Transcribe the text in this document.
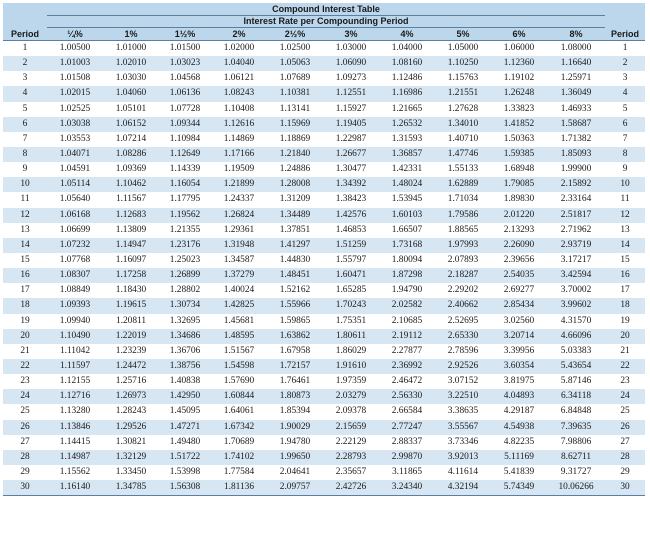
Period	Compound Interest Table										Period
	Interest Rate per Compounding Period										
	¼%	1%	1½%	2%	2½%	3%	4%	5%	6%	8%	
1	1.00500	1.01000	1.01500	1.02000	1.02500	1.03000	1.04000	1.05000	1.06000	1.08000	1
2	1.01003	1.02010	1.03023	1.04040	1.05063	1.06090	1.08160	1.10250	1.12360	1.16640	2
3	1.01508	1.03030	1.04568	1.06121	1.07689	1.09273	1.12486	1.15763	1.19102	1.25971	3
4	1.02015	1.04060	1.06136	1.08243	1.10381	1.12551	1.16986	1.21551	1.26248	1.36049	4
5	1.02525	1.05101	1.07728	1.10408	1.13141	1.15927	1.21665	1.27628	1.33823	1.46933	5
6	1.03038	1.06152	1.09344	1.12616	1.15969	1.19405	1.26532	1.34010	1.41852	1.58687	6
7	1.03553	1.07214	1.10984	1.14869	1.18869	1.22987	1.31593	1.40710	1.50363	1.71382	7
8	1.04071	1.08286	1.12649	1.17166	1.21840	1.26677	1.36857	1.47746	1.59385	1.85093	8
9	1.04591	1.09369	1.14339	1.19509	1.24886	1.30477	1.42331	1.55133	1.68948	1.99900	9
10	1.05114	1.10462	1.16054	1.21899	1.28008	1.34392	1.48024	1.62889	1.79085	2.15892	10
11	1.05640	1.11567	1.17795	1.24337	1.31209	1.38423	1.53945	1.71034	1.89830	2.33164	11
12	1.06168	1.12683	1.19562	1.26824	1.34489	1.42576	1.60103	1.79586	2.01220	2.51817	12
13	1.06699	1.13809	1.21355	1.29361	1.37851	1.46853	1.66507	1.88565	2.13293	2.71962	13
14	1.07232	1.14947	1.23176	1.31948	1.41297	1.51259	1.73168	1.97993	2.26090	2.93719	14
15	1.07768	1.16097	1.25023	1.34587	1.44830	1.55797	1.80094	2.07893	2.39656	3.17217	15
16	1.08307	1.17258	1.26899	1.37279	1.48451	1.60471	1.87298	2.18287	2.54035	3.42594	16
17	1.08849	1.18430	1.28802	1.40024	1.52162	1.65285	1.94790	2.29202	2.69277	3.70002	17
18	1.09393	1.19615	1.30734	1.42825	1.55966	1.70243	2.02582	2.40662	2.85434	3.99602	18
19	1.09940	1.20811	1.32695	1.45681	1.59865	1.75351	2.10685	2.52695	3.02560	4.31570	19
20	1.10490	1.22019	1.34686	1.48595	1.63862	1.80611	2.19112	2.65330	3.20714	4.66096	20
21	1.11042	1.23239	1.36706	1.51567	1.67958	1.86029	2.27877	2.78596	3.39956	5.03383	21
22	1.11597	1.24472	1.38756	1.54598	1.72157	1.91610	2.36992	2.92526	3.60354	5.43654	22
23	1.12155	1.25716	1.40838	1.57690	1.76461	1.97359	2.46472	3.07152	3.81975	5.87146	23
24	1.12716	1.26973	1.42950	1.60844	1.80873	2.03279	2.56330	3.22510	4.04893	6.34118	24
25	1.13280	1.28243	1.45095	1.64061	1.85394	2.09378	2.66584	3.38635	4.29187	6.84848	25
26	1.13846	1.29526	1.47271	1.67342	1.90029	2.15659	2.77247	3.55567	4.54938	7.39635	26
27	1.14415	1.30821	1.49480	1.70689	1.94780	2.22129	2.88337	3.73346	4.82235	7.98806	27
28	1.14987	1.32129	1.51722	1.74102	1.99650	2.28793	2.99870	3.92013	5.11169	8.62711	28
29	1.15562	1.33450	1.53998	1.77584	2.04641	2.35657	3.11865	4.11614	5.41839	9.31727	29
30	1.16140	1.34785	1.56308	1.81136	2.09757	2.42726	3.24340	4.32194	5.74349	10.06266	30
